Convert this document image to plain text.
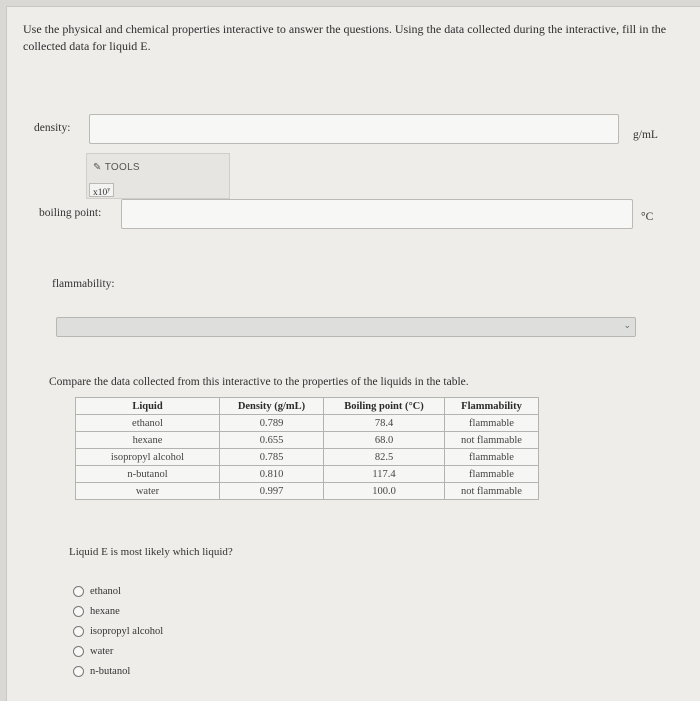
Use the physical and chemical properties interactive to answer the questions. Using the data collected during the interactive, fill in the collected data for liquid E.
density:
g/mL
✎ TOOLS
x10$^y$
boiling point:	°C
flammability:
⌄
Compare the data collected from this interactive to the properties of the liquids in the table.
Liquid	Density (g/mL)	Boiling point (°C)	Flammability
ethanol	0.789	78.4	flammable
hexane	0.655	68.0	not flammable
isopropyl alcohol	0.785	82.5	flammable
n-butanol	0.810	117.4	flammable
water	0.997	100.0	not flammable
Liquid E is most likely which liquid?
ethanol
hexane
isopropyl alcohol
water
n-butanol
